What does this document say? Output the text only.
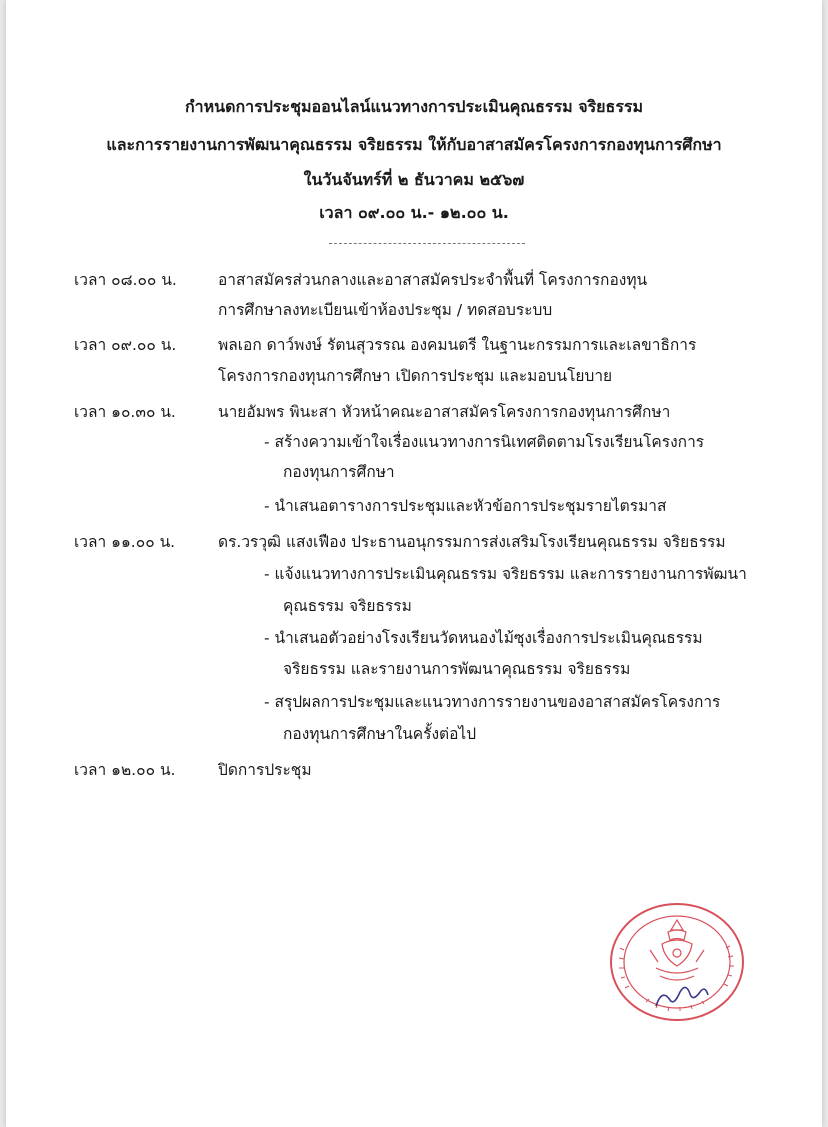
กำหนดการประชุมออนไลน์แนวทางการประเมินคุณธรรม จริยธรรม
และการรายงานการพัฒนาคุณธรรม จริยธรรม ให้กับอาสาสมัครโครงการกองทุนการศึกษา
ในวันจันทร์ที่ ๒ ธันวาคม ๒๕๖๗
เวลา ๐๙.๐๐ น.- ๑๒.๐๐ น.
เวลา ๐๘.๐๐ น.	อาสาสมัครส่วนกลางและอาสาสมัครประจำพื้นที่ โครงการกองทุน
การศึกษาลงทะเบียนเข้าห้องประชุม / ทดสอบระบบ
เวลา ๐๙.๐๐ น.	พลเอก ดาว์พงษ์ รัตนสุวรรณ องคมนตรี ในฐานะกรรมการและเลขาธิการ
โครงการกองทุนการศึกษา เปิดการประชุม และมอบนโยบาย
เวลา ๑๐.๓๐ น.	นายอัมพร พินะสา หัวหน้าคณะอาสาสมัครโครงการกองทุนการศึกษา
- สร้างความเข้าใจเรื่องแนวทางการนิเทศติดตามโรงเรียนโครงการ
กองทุนการศึกษา
- นำเสนอตารางการประชุมและหัวข้อการประชุมรายไตรมาส
เวลา ๑๑.๐๐ น.	ดร.วรวุฒิ แสงเฟือง ประธานอนุกรรมการส่งเสริมโรงเรียนคุณธรรม จริยธรรม
- แจ้งแนวทางการประเมินคุณธรรม จริยธรรม และการรายงานการพัฒนา
คุณธรรม จริยธรรม
- นำเสนอตัวอย่างโรงเรียนวัดหนองไม้ซุงเรื่องการประเมินคุณธรรม
จริยธรรม และรายงานการพัฒนาคุณธรรม จริยธรรม
- สรุปผลการประชุมและแนวทางการรายงานของอาสาสมัครโครงการ
กองทุนการศึกษาในครั้งต่อไป
เวลา ๑๒.๐๐ น.	ปิดการประชุม
